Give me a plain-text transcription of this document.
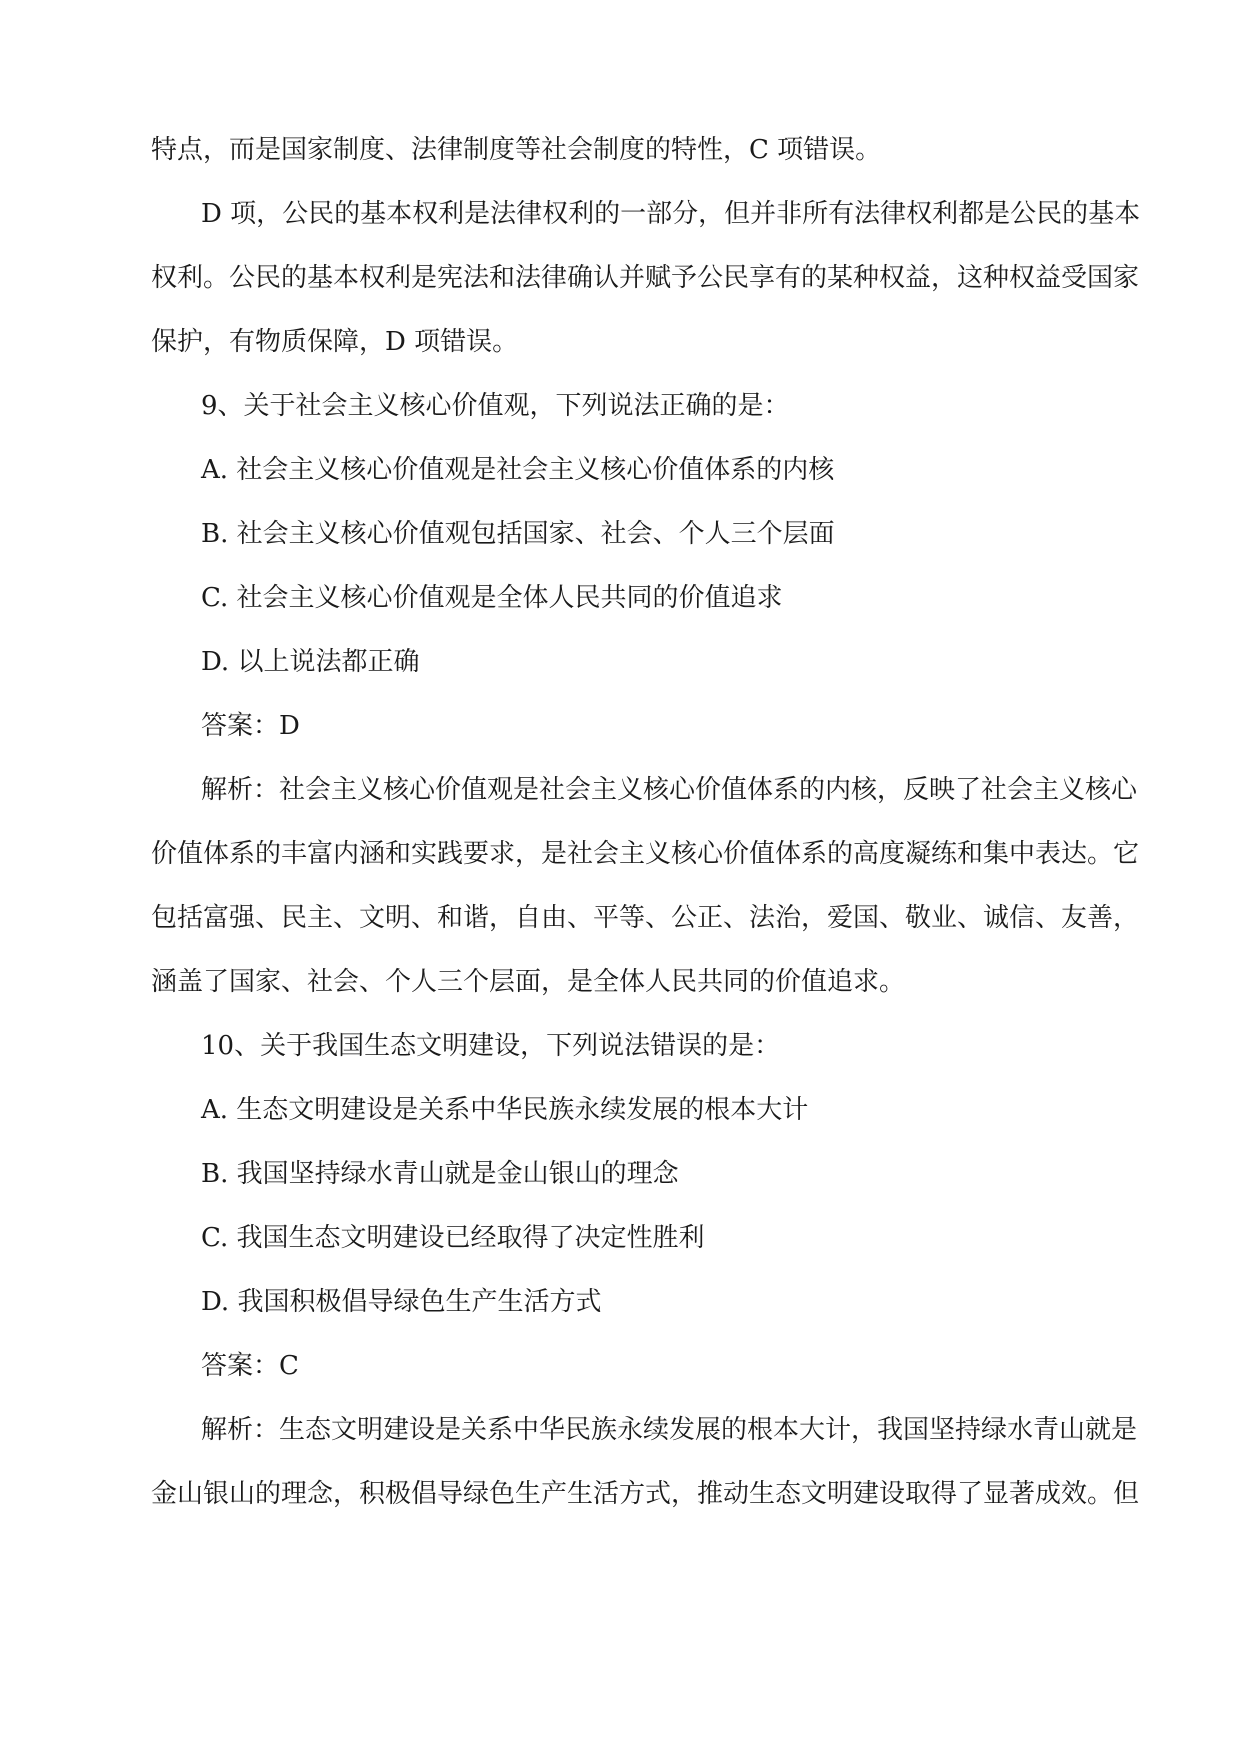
特点，而是国家制度、法律制度等社会制度的特性，C 项错误。

D 项，公民的基本权利是法律权利的一部分，但并非所有法律权利都是公民的基本

权利。公民的基本权利是宪法和法律确认并赋予公民享有的某种权益，这种权益受国家

保护，有物质保障，D 项错误。

9、关于社会主义核心价值观，下列说法正确的是：

A. 社会主义核心价值观是社会主义核心价值体系的内核

B. 社会主义核心价值观包括国家、社会、个人三个层面

C. 社会主义核心价值观是全体人民共同的价值追求

D. 以上说法都正确

答案：D

解析：社会主义核心价值观是社会主义核心价值体系的内核，反映了社会主义核心

价值体系的丰富内涵和实践要求，是社会主义核心价值体系的高度凝练和集中表达。它

包括富强、民主、文明、和谐，自由、平等、公正、法治，爱国、敬业、诚信、友善，

涵盖了国家、社会、个人三个层面，是全体人民共同的价值追求。

10、关于我国生态文明建设，下列说法错误的是：

A. 生态文明建设是关系中华民族永续发展的根本大计

B. 我国坚持绿水青山就是金山银山的理念

C. 我国生态文明建设已经取得了决定性胜利

D. 我国积极倡导绿色生产生活方式

答案：C

解析：生态文明建设是关系中华民族永续发展的根本大计，我国坚持绿水青山就是

金山银山的理念，积极倡导绿色生产生活方式，推动生态文明建设取得了显著成效。但
